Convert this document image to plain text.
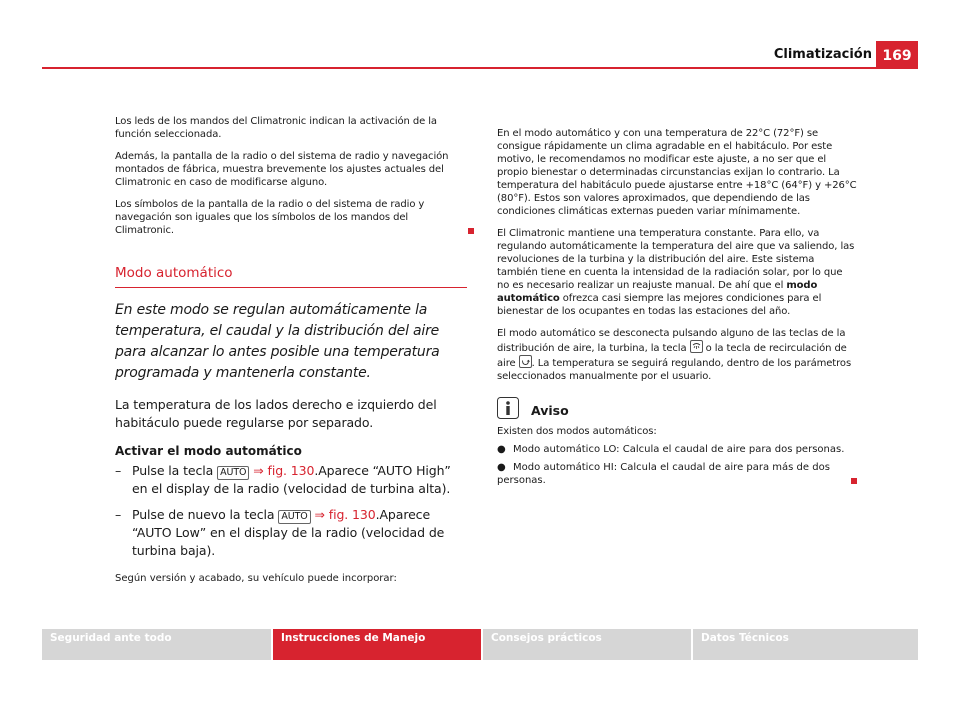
Climatización 169

Los leds de los mandos del Climatronic indican la activación de la función seleccionada.

Además, la pantalla de la radio o del sistema de radio y navegación montados de fábrica, muestra brevemente los ajustes actuales del Climatronic en caso de modificarse alguno.

Los símbolos de la pantalla de la radio o del sistema de radio y navegación son iguales que los símbolos de los mandos del Climatronic.

Modo automático

En este modo se regulan automáticamente la temperatura, el caudal y la distribución del aire para alcanzar lo antes posible una temperatura programada y mantenerla constante.

La temperatura de los lados derecho e izquierdo del habitáculo puede regularse por separado.

Activar el modo automático
– Pulse la tecla AUTO ⇒ fig. 130.Aparece “AUTO High” en el display de la radio (velocidad de turbina alta).
– Pulse de nuevo la tecla AUTO ⇒ fig. 130.Aparece “AUTO Low” en el display de la radio (velocidad de turbina baja).
Según versión y acabado, su vehículo puede incorporar:

En el modo automático y con una temperatura de 22°C (72°F) se consigue rápidamente un clima agradable en el habitáculo. Por este motivo, le recomendamos no modificar este ajuste, a no ser que el propio bienestar o determinadas circunstancias exijan lo contrario. La temperatura del habitáculo puede ajustarse entre +18°C (64°F) y +26°C (80°F). Estos son valores aproximados, que dependiendo de las condiciones climáticas externas pueden variar mínimamente.

El Climatronic mantiene una temperatura constante. Para ello, va regulando automáticamente la temperatura del aire que va saliendo, las revoluciones de la turbina y la distribución del aire. Este sistema también tiene en cuenta la intensidad de la radiación solar, por lo que no es necesario realizar un reajuste manual. De ahí que el modo automático ofrezca casi siempre las mejores condiciones para el bienestar de los ocupantes en todas las estaciones del año.

El modo automático se desconecta pulsando alguno de las teclas de la distribución de aire, la turbina, la tecla
o la tecla de recirculación de aire
. La temperatura se seguirá regulando, dentro de los parámetros seleccionados manualmente por el usuario.

Aviso
Existen dos modos automáticos:
● Modo automático LO: Calcula el caudal de aire para dos personas.
● Modo automático HI: Calcula el caudal de aire para más de dos personas.
Seguridad ante todo	Instrucciones de Manejo	Consejos prácticos	Datos Técnicos
